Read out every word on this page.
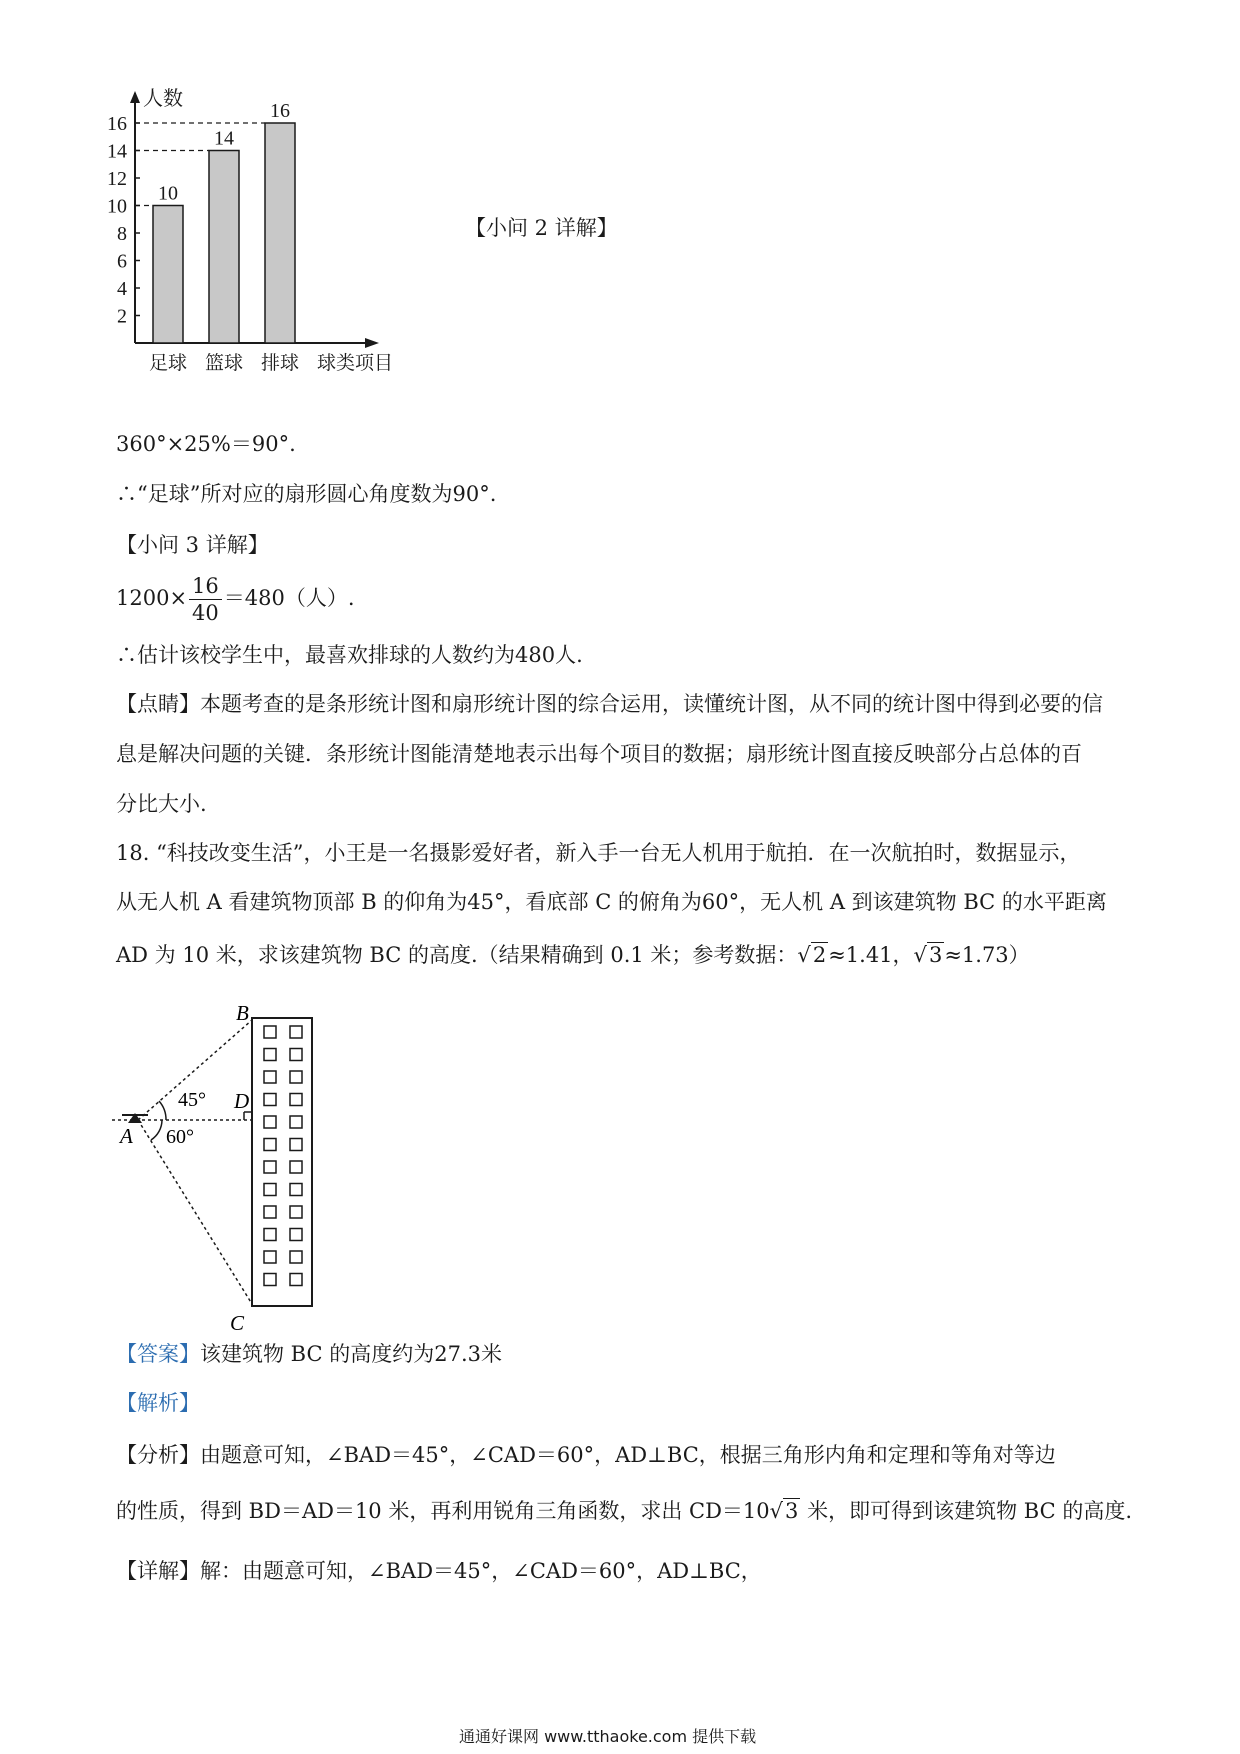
2
4
6
8
10
12
14
16
人数
10
足球
14
篮球
16
排球 球类项目
【小问 2 详解】
360°×25%＝90°.
∴“足球”所对应的扇形圆心角度数为90°.
【小问 3 详解】
$1200\times \frac{16}{40} =480$（人）.
∴估计该校学生中，最喜欢排球的人数约为480人.
【点睛】本题考查的是条形统计图和扇形统计图的综合运用，读懂统计图，从不同的统计图中得到必要的信
息是解决问题的关键．条形统计图能清楚地表示出每个项目的数据；扇形统计图直接反映部分占总体的百
分比大小.
18. “科技改变生活”，小王是一名摄影爱好者，新入手一台无人机用于航拍．在一次航拍时，数据显示，
从无人机 A 看建筑物顶部 B 的仰角为45°，看底部 C 的俯角为60°，无人机 A 到该建筑物 BC 的水平距离
AD 为 10 米，求该建筑物 BC 的高度.（结果精确到 0.1 米；参考数据：√2≈1.41，√3≈1.73）
B
D
A
C
45°
60°
【答案】该建筑物 BC 的高度约为27.3米
【解析】
【分析】由题意可知，∠BAD＝45°，∠CAD＝60°，AD⊥BC，根据三角形内角和定理和等角对等边
的性质，得到 BD＝AD＝10 米，再利用锐角三角函数，求出 CD＝10√3 米，即可得到该建筑物 BC 的高度.
【详解】解：由题意可知，∠BAD＝45°，∠CAD＝60°，AD⊥BC，
通通好课网 www.tthaoke.com 提供下载
